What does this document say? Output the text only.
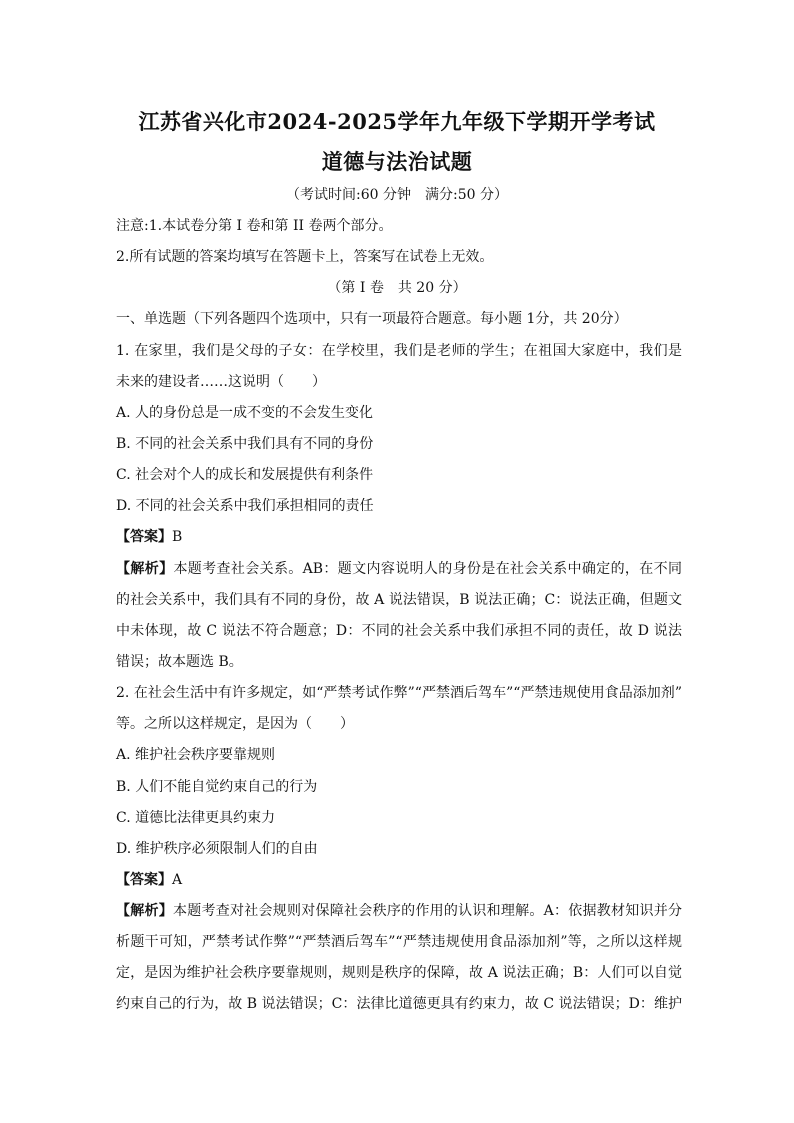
江苏省兴化市2024-2025学年九年级下学期开学考试
道德与法治试题
（考试时间:60 分钟　满分:50 分）
注意:1.本试卷分第 I 卷和第 II 卷两个部分。
2.所有试题的答案均填写在答题卡上，答案写在试卷上无效。
（第 I 卷　共 20 分）
一、单选题（下列各题四个选项中，只有一项最符合题意。每小题 1分，共 20分）
1. 在家里，我们是父母的子女：在学校里，我们是老师的学生；在祖国大家庭中，我们是
未来的建设者……这说明（　　）
A. 人的身份总是一成不变的不会发生变化
B. 不同的社会关系中我们具有不同的身份
C. 社会对个人的成长和发展提供有利条件
D. 不同的社会关系中我们承担相同的责任
【答案】B
【解析】本题考查社会关系。AB：题文内容说明人的身份是在社会关系中确定的，在不同
的社会关系中，我们具有不同的身份，故 A 说法错误，B 说法正确；C：说法正确，但题文
中未体现，故 C 说法不符合题意；D：不同的社会关系中我们承担不同的责任，故 D 说法
错误；故本题选 B。
2. 在社会生活中有许多规定，如“严禁考试作弊”“严禁酒后驾车”“严禁违规使用食品添加剂”
等。之所以这样规定，是因为（　　）
A. 维护社会秩序要靠规则
B. 人们不能自觉约束自己的行为
C. 道德比法律更具约束力
D. 维护秩序必须限制人们的自由
【答案】A
【解析】本题考查对社会规则对保障社会秩序的作用的认识和理解。A：依据教材知识并分
析题干可知，严禁考试作弊”“严禁酒后驾车”“严禁违规使用食品添加剂”等，之所以这样规
定，是因为维护社会秩序要靠规则，规则是秩序的保障，故 A 说法正确；B：人们可以自觉
约束自己的行为，故 B 说法错误；C：法律比道德更具有约束力，故 C 说法错误；D：维护
